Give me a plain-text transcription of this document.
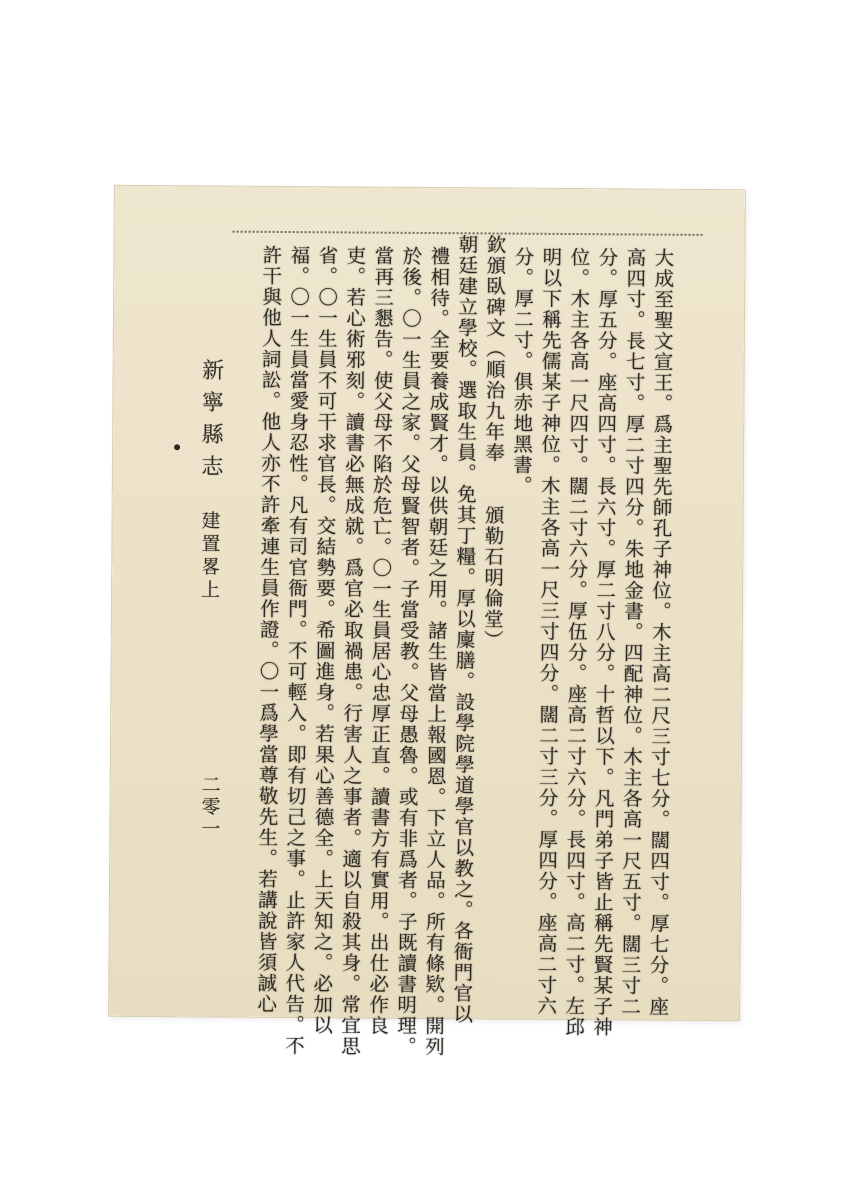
大成至聖文宣王。爲主聖先師孔子神位。木主高二尺三寸七分。闊四寸。厚七分。座
高四寸。長七寸。厚二寸四分。朱地金書。四配神位。木主各高一尺五寸。闊三寸二
分。厚五分。座高四寸。長六寸。厚二寸八分。十哲以下。凡門弟子皆止稱先賢某子神
位。木主各高一尺四寸。闊二寸六分。厚伍分。座高二寸六分。長四寸。高二寸。左邱
明以下稱先儒某子神位。木主各高一尺三寸四分。闊二寸三分。厚四分。座高二寸六
分。厚二寸。俱赤地黑書。
欽頒臥碑文（順治九年奉　　頒勒石明倫堂）
朝廷建立學校。選取生員。免其丁糧。厚以廩膳。設學院學道學官以教之。各衙門官以
禮相待。全要養成賢才。以供朝廷之用。諸生皆當上報國恩。下立人品。所有條欵。開列
於後。〇一生員之家。父母賢智者。子當受教。父母愚魯。或有非爲者。子既讀書明理。
當再三懇告。使父母不陷於危亡。〇一生員居心忠厚正直。讀書方有實用。出仕必作良
吏。若心術邪刻。讀書必無成就。爲官必取禍患。行害人之事者。適以自殺其身。常宜思
省。〇一生員不可干求官長。交結勢要。希圖進身。若果心善德全。上天知之。必加以
福。〇一生員當愛身忍性。凡有司官衙門。不可輕入。即有切己之事。止許家人代告。不
許干與他人詞訟。他人亦不許牽連生員作證。〇一爲學當尊敬先生。若講說皆須誠心
新寧縣志
建置畧上
二零一
